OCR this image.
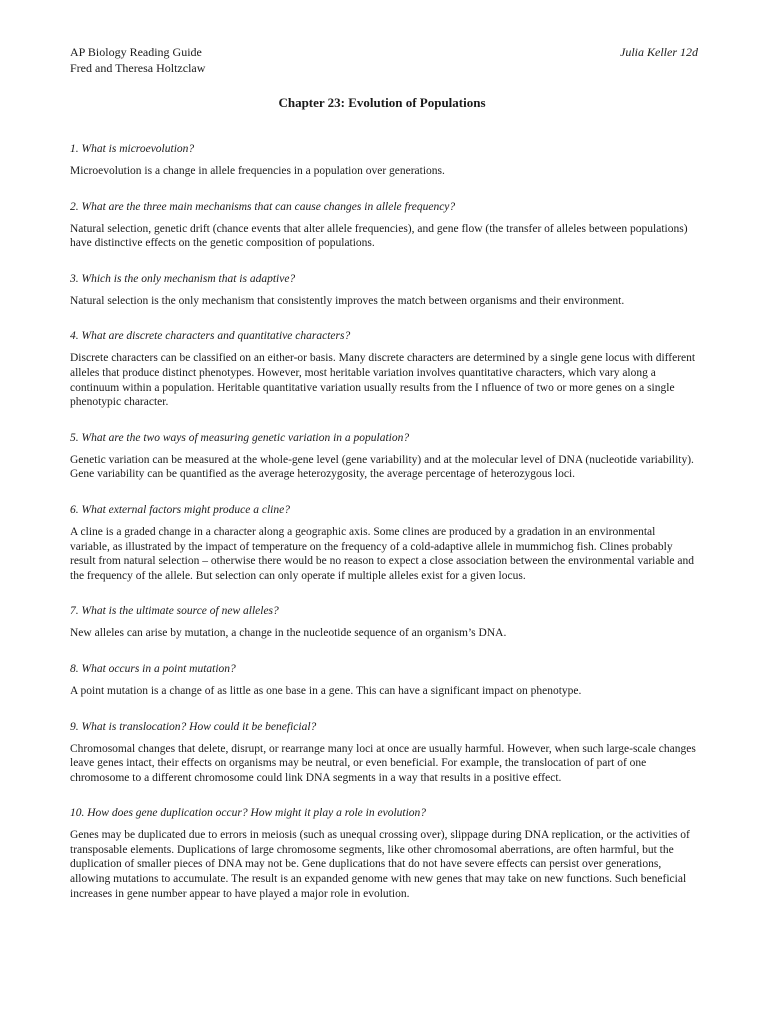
AP Biology Reading Guide
Fred and Theresa Holtzclaw
Julia Keller 12d
Chapter 23: Evolution of Populations
1. What is microevolution?
Microevolution is a change in allele frequencies in a population over generations.
2. What are the three main mechanisms that can cause changes in allele frequency?
Natural selection, genetic drift (chance events that alter allele frequencies), and gene flow (the transfer of alleles between populations) have distinctive effects on the genetic composition of populations.
3. Which is the only mechanism that is adaptive?
Natural selection is the only mechanism that consistently improves the match between organisms and their environment.
4. What are discrete characters and quantitative characters?
Discrete characters can be classified on an either-or basis. Many discrete characters are determined by a single gene locus with different alleles that produce distinct phenotypes. However, most heritable variation involves quantitative characters, which vary along a continuum within a population. Heritable quantitative variation usually results from the I nfluence of two or more genes on a single phenotypic character.
5. What are the two ways of measuring genetic variation in a population?
Genetic variation can be measured at the whole-gene level (gene variability) and at the molecular level of DNA (nucleotide variability). Gene variability can be quantified as the average heterozygosity, the average percentage of heterozygous loci.
6. What external factors might produce a cline?
A cline is a graded change in a character along a geographic axis. Some clines are produced by a gradation in an environmental variable, as illustrated by the impact of temperature on the frequency of a cold-adaptive allele in mummichog fish. Clines probably result from natural selection – otherwise there would be no reason to expect a close association between the environmental variable and the frequency of the allele. But selection can only operate if multiple alleles exist for a given locus.
7. What is the ultimate source of new alleles?
New alleles can arise by mutation, a change in the nucleotide sequence of an organism’s DNA.
8. What occurs in a point mutation?
A point mutation is a change of as little as one base in a gene. This can have a significant impact on phenotype.
9. What is translocation? How could it be beneficial?
Chromosomal changes that delete, disrupt, or rearrange many loci at once are usually harmful. However, when such large-scale changes leave genes intact, their effects on organisms may be neutral, or even beneficial. For example, the translocation of part of one chromosome to a different chromosome could link DNA segments in a way that results in a positive effect.
10. How does gene duplication occur? How might it play a role in evolution?
Genes may be duplicated due to errors in meiosis (such as unequal crossing over), slippage during DNA replication, or the activities of transposable elements. Duplications of large chromosome segments, like other chromosomal aberrations, are often harmful, but the duplication of smaller pieces of DNA may not be. Gene duplications that do not have severe effects can persist over generations, allowing mutations to accumulate. The result is an expanded genome with new genes that may take on new functions. Such beneficial increases in gene number appear to have played a major role in evolution.
